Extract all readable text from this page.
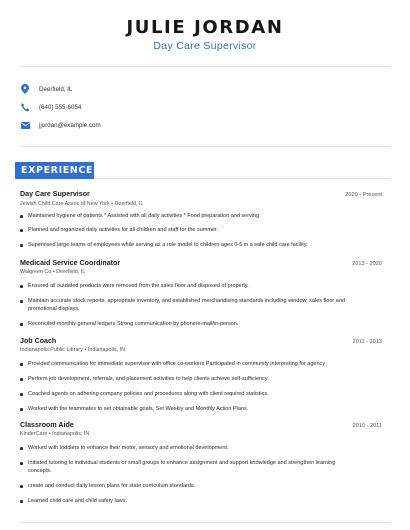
JULIE JORDAN
Day Care Supervisor
Deerfield, IL
(640) 555-6054
jjordan@example.com
EXPERIENCE
Day Care Supervisor	2020 - Present
Jewish Child Care Assoc of New York • Deerfield, IL
Maintained hygiene of patients * Assisted with all daily activities * Food preparation and serving
Planned and organized daily activities for all children and staff for the summer.
Supervised large teams of employees while serving as a role model to children ages 0-5 in a safe child care facility.
Medicaid Service Coordinator	2013 - 2020
Walgreen Co • Deerfield, IL
Ensured all outdated products were removed from the sales floor and disposed of properly.
Maintain accurate stock reports, appropriate inventory, and established merchandising standards including window, sales floor and promotional displays.
Reconciled monthly general ledgers Strong communication by phone/e-mail/in-person.
Job Coach	2011 - 2013
Indianapolis Public Library • Indianapolis, IN
Provided communication for immediate supervisor with office co-workers Participated in community interpreting for agency
Perform job development, referrals, and placement activities to help clients achieve self-sufficiency.
Coached agents on adhering company policies and procedures along with client required statistics.
Worked with the teammates to set obtainable goals, Set Weekly and Monthly Action Plans.
Classroom Aide	2010 - 2011
KinderCare • Indianapolis, IN
Worked with toddlers to enhance their motor, sensory and emotional development.
Initiated tutoring to individual students or small groups to enhance assignment and support knowledge and strengthen learning concepts.
create and conduct daily lesson plans for state curriculum standards.
Learned child care and child safety laws.
